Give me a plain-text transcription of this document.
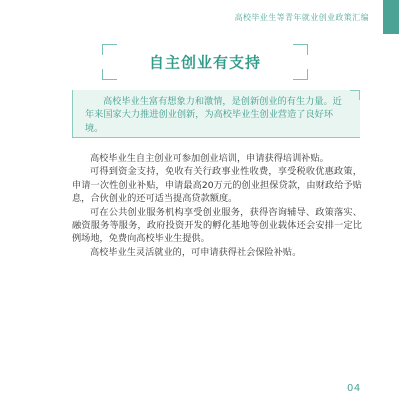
高校毕业生等青年就业创业政策汇编
自主创业有支持

高校毕业生富有想象力和激情，是创新创业的有生力量。近年来国家大力推进创业创新，为高校毕业生创业营造了良好环境。

高校毕业生自主创业可参加创业培训，申请获得培训补贴。

可得到资金支持，免收有关行政事业性收费，享受税收优惠政策，申请一次性创业补贴，申请最高20万元的创业担保贷款，由财政给予贴息，合伙创业的还可适当提高贷款额度。

可在公共创业服务机构享受创业服务，获得咨询辅导、政策落实、融资服务等服务，政府投资开发的孵化基地等创业载体还会安排一定比例场地，免费向高校毕业生提供。

高校毕业生灵活就业的，可申请获得社会保险补贴。

04
